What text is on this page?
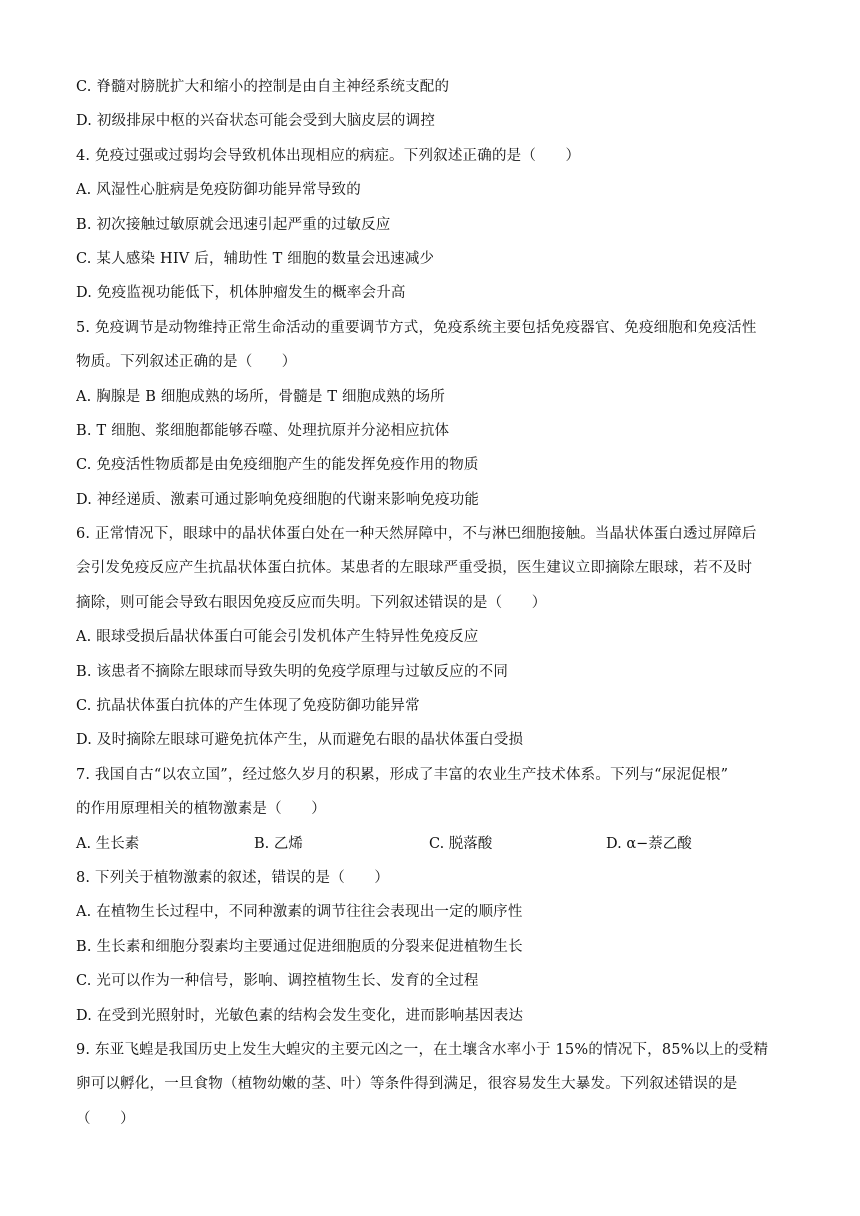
C. 脊髓对膀胱扩大和缩小的控制是由自主神经系统支配的
D. 初级排尿中枢的兴奋状态可能会受到大脑皮层的调控
4. 免疫过强或过弱均会导致机体出现相应的病症。下列叙述正确的是（　　）
A. 风湿性心脏病是免疫防御功能异常导致的
B. 初次接触过敏原就会迅速引起严重的过敏反应
C. 某人感染 HIV 后，辅助性 T 细胞的数量会迅速减少
D. 免疫监视功能低下，机体肿瘤发生的概率会升高
5. 免疫调节是动物维持正常生命活动的重要调节方式，免疫系统主要包括免疫器官、免疫细胞和免疫活性
物质。下列叙述正确的是（　　）
A. 胸腺是 B 细胞成熟的场所，骨髓是 T 细胞成熟的场所
B. T 细胞、浆细胞都能够吞噬、处理抗原并分泌相应抗体
C. 免疫活性物质都是由免疫细胞产生的能发挥免疫作用的物质
D. 神经递质、激素可通过影响免疫细胞的代谢来影响免疫功能
6. 正常情况下，眼球中的晶状体蛋白处在一种天然屏障中，不与淋巴细胞接触。当晶状体蛋白透过屏障后
会引发免疫反应产生抗晶状体蛋白抗体。某患者的左眼球严重受损，医生建议立即摘除左眼球，若不及时
摘除，则可能会导致右眼因免疫反应而失明。下列叙述错误的是（　　）
A. 眼球受损后晶状体蛋白可能会引发机体产生特异性免疫反应
B. 该患者不摘除左眼球而导致失明的免疫学原理与过敏反应的不同
C. 抗晶状体蛋白抗体的产生体现了免疫防御功能异常
D. 及时摘除左眼球可避免抗体产生，从而避免右眼的晶状体蛋白受损
7. 我国自古“以农立国”，经过悠久岁月的积累，形成了丰富的农业生产技术体系。下列与“尿泥促根”
的作用原理相关的植物激素是（　　）
A. 生长素	B. 乙烯	C. 脱落酸	D. α−萘乙酸
8. 下列关于植物激素的叙述，错误的是（　　）
A. 在植物生长过程中，不同种激素的调节往往会表现出一定的顺序性
B. 生长素和细胞分裂素均主要通过促进细胞质的分裂来促进植物生长
C. 光可以作为一种信号，影响、调控植物生长、发育的全过程
D. 在受到光照射时，光敏色素的结构会发生变化，进而影响基因表达
9. 东亚飞蝗是我国历史上发生大蝗灾的主要元凶之一，在土壤含水率小于 15%的情况下，85%以上的受精
卵可以孵化，一旦食物（植物幼嫩的茎、叶）等条件得到满足，很容易发生大暴发。下列叙述错误的是
（　　）
